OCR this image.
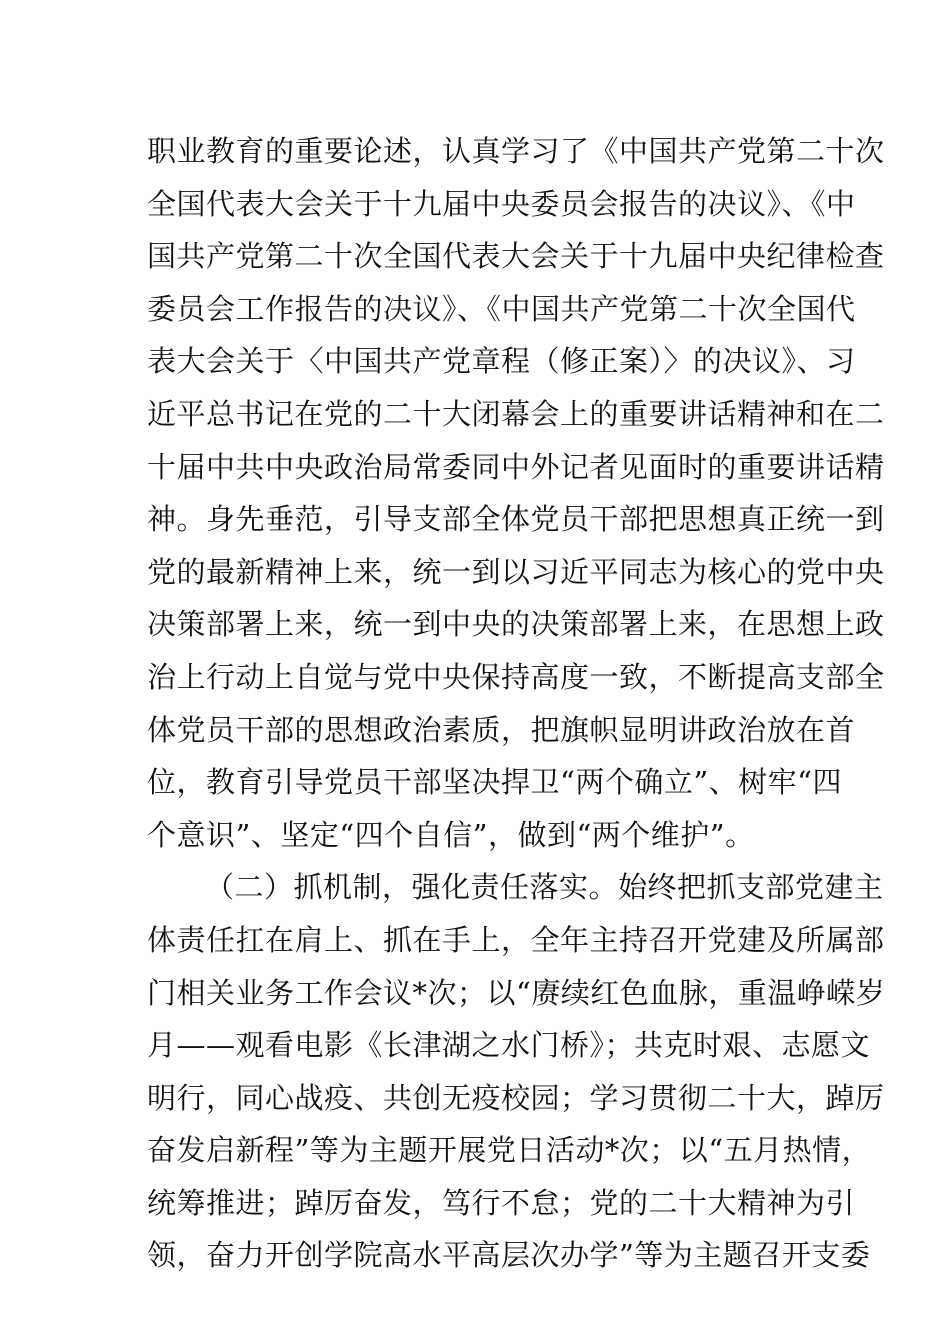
职业教育的重要论述，认真学习了《中国共产党第二十次
全国代表大会关于十九届中央委员会报告的决议》、《中
国共产党第二十次全国代表大会关于十九届中央纪律检查
委员会工作报告的决议》、《中国共产党第二十次全国代
表大会关于〈中国共产党章程（修正案）〉的决议》、习
近平总书记在党的二十大闭幕会上的重要讲话精神和在二
十届中共中央政治局常委同中外记者见面时的重要讲话精
神。身先垂范，引导支部全体党员干部把思想真正统一到
党的最新精神上来，统一到以习近平同志为核心的党中央
决策部署上来，统一到中央的决策部署上来，在思想上政
治上行动上自觉与党中央保持高度一致，不断提高支部全
体党员干部的思想政治素质，把旗帜显明讲政治放在首
位，教育引导党员干部坚决捍卫“两个确立”、树牢“四
个意识”、坚定“四个自信”，做到“两个维护”。
（二）抓机制，强化责任落实。始终把抓支部党建主
体责任扛在肩上、抓在手上，全年主持召开党建及所属部
门相关业务工作会议*次；以“赓续红色血脉，重温峥嵘岁
月——观看电影《长津湖之水门桥》；共克时艰、志愿文
明行，同心战疫、共创无疫校园；学习贯彻二十大，踔厉
奋发启新程”等为主题开展党日活动*次；以“五月热情，
统筹推进；踔厉奋发，笃行不怠；党的二十大精神为引
领，奋力开创学院高水平高层次办学”等为主题召开支委
